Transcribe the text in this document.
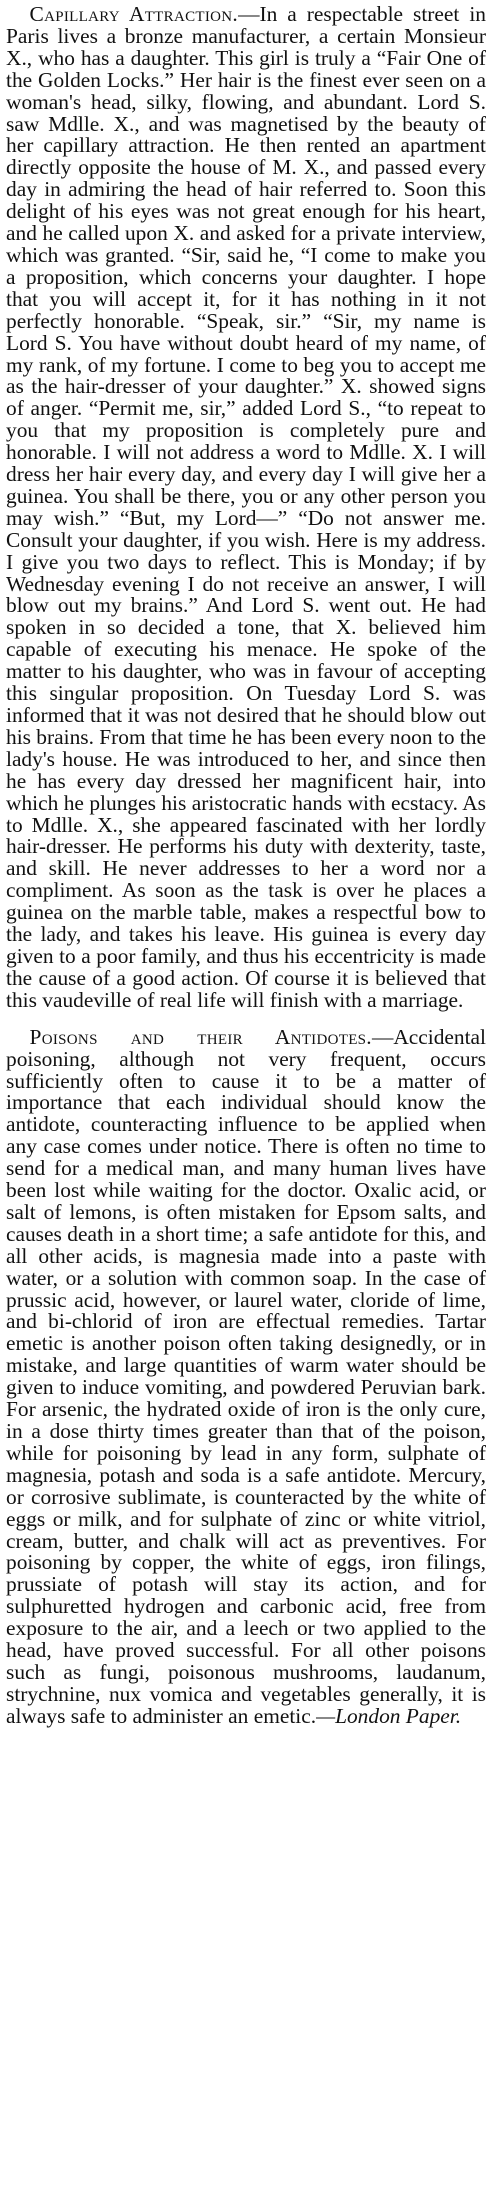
Capillary Attraction.—In a respectable street in Paris lives a bronze manufacturer, a certain Monsieur X., who has a daughter. This girl is truly a “Fair One of the Golden Locks.” Her hair is the finest ever seen on a woman's head, silky, flowing, and abundant. Lord S. saw Mdlle. X., and was magnetised by the beauty of her capillary attraction. He then rented an apartment directly opposite the house of M. X., and passed every day in admiring the head of hair referred to. Soon this delight of his eyes was not great enough for his heart, and he called upon X. and asked for a private interview, which was granted. “Sir, said he, “I come to make you a proposition, which concerns your daughter. I hope that you will accept it, for it has nothing in it not perfectly honorable. “Speak, sir.” “Sir, my name is Lord S. You have without doubt heard of my name, of my rank, of my fortune. I come to beg you to accept me as the hair-dresser of your daughter.” X. showed signs of anger. “Permit me, sir,” added Lord S., “to repeat to you that my proposition is completely pure and honorable. I will not address a word to Mdlle. X. I will dress her hair every day, and every day I will give her a guinea. You shall be there, you or any other person you may wish.” “But, my Lord—” “Do not answer me. Consult your daughter, if you wish. Here is my address. I give you two days to reflect. This is Monday; if by Wednesday evening I do not receive an answer, I will blow out my brains.” And Lord S. went out. He had spoken in so decided a tone, that X. believed him capable of executing his menace. He spoke of the matter to his daughter, who was in favour of accepting this singular proposition. On Tuesday Lord S. was informed that it was not desired that he should blow out his brains. From that time he has been every noon to the lady's house. He was introduced to her, and since then he has every day dressed her magnificent hair, into which he plunges his aristocratic hands with ecstacy. As to Mdlle. X., she appeared fascinated with her lordly hair-dresser. He performs his duty with dexterity, taste, and skill. He never addresses to her a word nor a compliment. As soon as the task is over he places a guinea on the marble table, makes a respectful bow to the lady, and takes his leave. His guinea is every day given to a poor family, and thus his eccentricity is made the cause of a good action. Of course it is believed that this vaudeville of real life will finish with a marriage.

Poisons and their Antidotes.—Accidental poisoning, although not very frequent, occurs sufficiently often to cause it to be a matter of importance that each individual should know the antidote, counteracting influence to be applied when any case comes under notice. There is often no time to send for a medical man, and many human lives have been lost while waiting for the doctor. Oxalic acid, or salt of lemons, is often mistaken for Epsom salts, and causes death in a short time; a safe antidote for this, and all other acids, is magnesia made into a paste with water, or a solution with common soap. In the case of prussic acid, however, or laurel water, cloride of lime, and bi-chlorid of iron are effectual remedies. Tartar emetic is another poison often taking designedly, or in mistake, and large quantities of warm water should be given to induce vomiting, and powdered Peruvian bark. For arsenic, the hydrated oxide of iron is the only cure, in a dose thirty times greater than that of the poison, while for poisoning by lead in any form, sulphate of magnesia, potash and soda is a safe antidote. Mercury, or corrosive sublimate, is counteracted by the white of eggs or milk, and for sulphate of zinc or white vitriol, cream, butter, and chalk will act as preventives. For poisoning by copper, the white of eggs, iron filings, prussiate of potash will stay its action, and for sulphuretted hydrogen and carbonic acid, free from exposure to the air, and a leech or two applied to the head, have proved successful. For all other poisons such as fungi, poisonous mushrooms, laudanum, strychnine, nux vomica and vegetables generally, it is always safe to administer an emetic.—London Paper.
